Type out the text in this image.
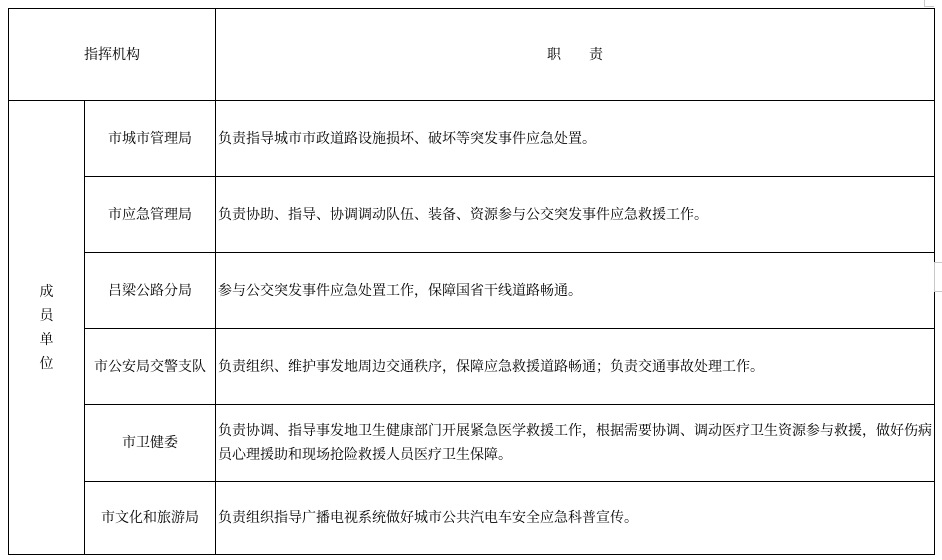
指挥机构		职　　责

成
员
单
位	市城市管理局	负责指导城市市政道路设施损坏、破坏等突发事件应急处置。
	市应急管理局	负责协助、指导、协调调动队伍、装备、资源参与公交突发事件应急救援工作。
	吕梁公路分局	参与公交突发事件应急处置工作，保障国省干线道路畅通。
	市公安局交警支队	负责组织、维护事发地周边交通秩序，保障应急救援道路畅通；负责交通事故处理工作。
	市卫健委	负责协调、指导事发地卫生健康部门开展紧急医学救援工作，根据需要协调、调动医疗卫生资源参与救援，做好伤病员心理援助和现场抢险救援人员医疗卫生保障。
	市文化和旅游局	负责组织指导广播电视系统做好城市公共汽电车安全应急科普宣传。
